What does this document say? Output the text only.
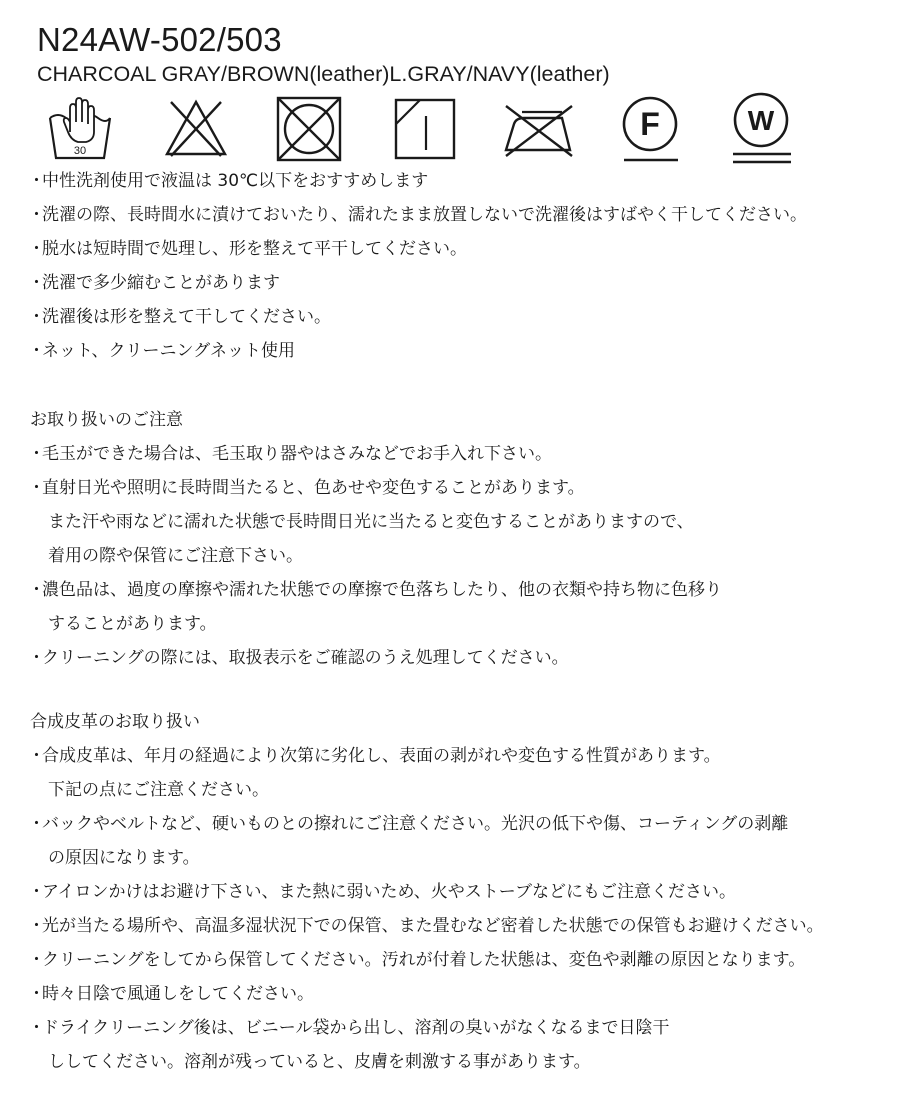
N24AW-502/503
CHARCOAL GRAY/BROWN(leather)L.GRAY/NAVY(leather)
30
F	W
・中性洗剤使用で液温は 30℃以下をおすすめします
・洗濯の際、長時間水に漬けておいたり、濡れたまま放置しないで洗濯後はすばやく干してください。
・脱水は短時間で処理し、形を整えて平干してください。
・洗濯で多少縮むことがあります
・洗濯後は形を整えて干してください。
・ネット、クリーニングネット使用
お取り扱いのご注意
・毛玉ができた場合は、毛玉取り器やはさみなどでお手入れ下さい。
・直射日光や照明に長時間当たると、色あせや変色することがあります。
また汗や雨などに濡れた状態で長時間日光に当たると変色することがありますので、
着用の際や保管にご注意下さい。
・濃色品は、過度の摩擦や濡れた状態での摩擦で色落ちしたり、他の衣類や持ち物に色移り
することがあります。
・クリーニングの際には、取扱表示をご確認のうえ処理してください。
合成皮革のお取り扱い
・合成皮革は、年月の経過により次第に劣化し、表面の剥がれや変色する性質があります。
下記の点にご注意ください。
・バックやベルトなど、硬いものとの擦れにご注意ください。光沢の低下や傷、コーティングの剥離
の原因になります。
・アイロンかけはお避け下さい、また熱に弱いため、火やストーブなどにもご注意ください。
・光が当たる場所や、高温多湿状況下での保管、また畳むなど密着した状態での保管もお避けください。
・クリーニングをしてから保管してください。汚れが付着した状態は、変色や剥離の原因となります。
・時々日陰で風通しをしてください。
・ドライクリーニング後は、ビニール袋から出し、溶剤の臭いがなくなるまで日陰干
ししてください。溶剤が残っていると、皮膚を刺激する事があります。
